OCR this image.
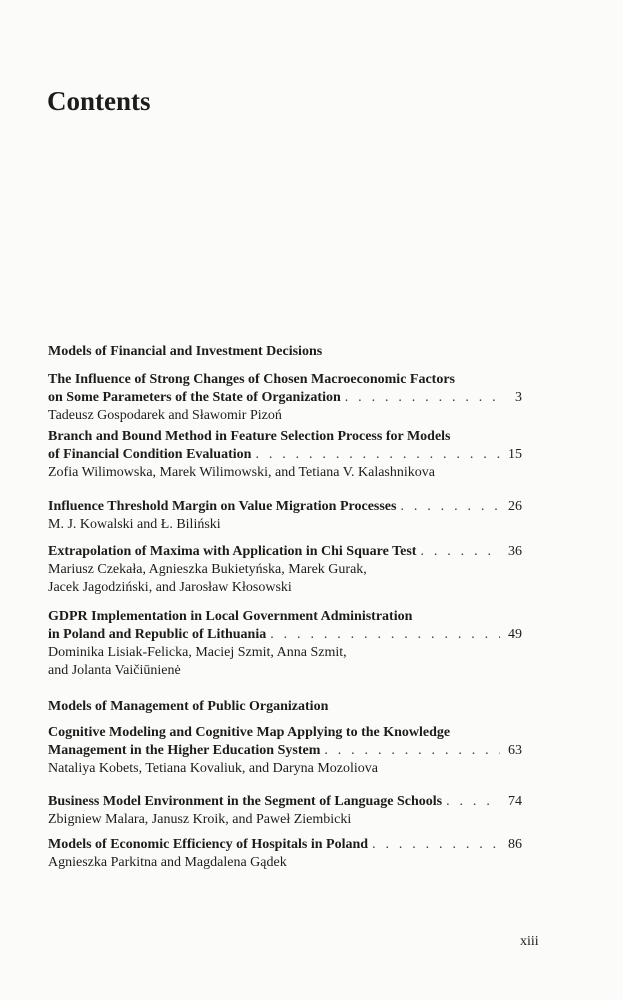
Contents
Models of Financial and Investment Decisions
The Influence of Strong Changes of Chosen Macroeconomic Factors
on Some Parameters of the State of Organization . . .	3
Tadeusz Gospodarek and Sławomir Pizoń
Branch and Bound Method in Feature Selection Process for Models
of Financial Condition Evaluation . . .	15
Zofia Wilimowska, Marek Wilimowski, and Tetiana V. Kalashnikova
Influence Threshold Margin on Value Migration Processes . . .	26
M. J. Kowalski and Ł. Biliński
Extrapolation of Maxima with Application in Chi Square Test . . .	36
Mariusz Czekała, Agnieszka Bukietyńska, Marek Gurak,
Jacek Jagodziński, and Jarosław Kłosowski
GDPR Implementation in Local Government Administration
in Poland and Republic of Lithuania . . .	49
Dominika Lisiak-Felicka, Maciej Szmit, Anna Szmit,
and Jolanta Vaičiūnienė
Models of Management of Public Organization
Cognitive Modeling and Cognitive Map Applying to the Knowledge
Management in the Higher Education System . . .	63
Nataliya Kobets, Tetiana Kovaliuk, and Daryna Mozoliova
Business Model Environment in the Segment of Language Schools . . .	74
Zbigniew Malara, Janusz Kroik, and Paweł Ziembicki
Models of Economic Efficiency of Hospitals in Poland . . .	86
Agnieszka Parkitna and Magdalena Gądek
xiii
